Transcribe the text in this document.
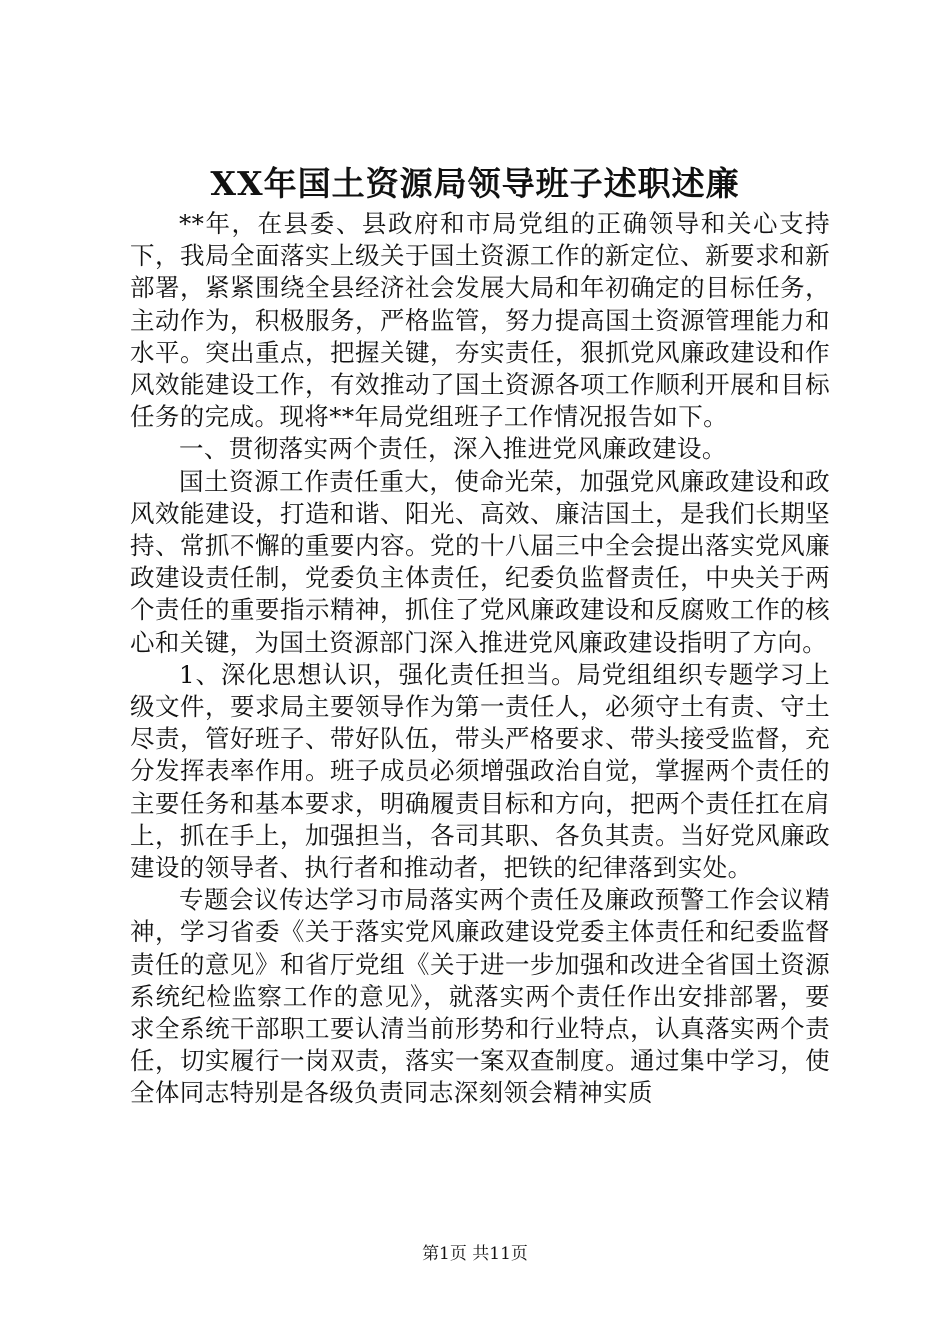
XX年国土资源局领导班子述职述廉

**年，在县委、县政府和市局党组的正确领导和关心支持下，我局全面落实上级关于国土资源工作的新定位、新要求和新部署，紧紧围绕全县经济社会发展大局和年初确定的目标任务，主动作为，积极服务，严格监管，努力提高国土资源管理能力和水平。突出重点，把握关键，夯实责任，狠抓党风廉政建设和作风效能建设工作，有效推动了国土资源各项工作顺利开展和目标任务的完成。现将**年局党组班子工作情况报告如下。

一、贯彻落实两个责任，深入推进党风廉政建设。

国土资源工作责任重大，使命光荣，加强党风廉政建设和政风效能建设，打造和谐、阳光、高效、廉洁国土，是我们长期坚持、常抓不懈的重要内容。党的十八届三中全会提出落实党风廉政建设责任制，党委负主体责任，纪委负监督责任，中央关于两个责任的重要指示精神，抓住了党风廉政建设和反腐败工作的核心和关键，为国土资源部门深入推进党风廉政建设指明了方向。

1、深化思想认识，强化责任担当。局党组组织专题学习上级文件，要求局主要领导作为第一责任人，必须守土有责、守土尽责，管好班子、带好队伍，带头严格要求、带头接受监督，充分发挥表率作用。班子成员必须增强政治自觉，掌握两个责任的主要任务和基本要求，明确履责目标和方向，把两个责任扛在肩上，抓在手上，加强担当，各司其职、各负其责。当好党风廉政建设的领导者、执行者和推动者，把铁的纪律落到实处。

专题会议传达学习市局落实两个责任及廉政预警工作会议精神，学习省委《关于落实党风廉政建设党委主体责任和纪委监督责任的意见》和省厅党组《关于进一步加强和改进全省国土资源系统纪检监察工作的意见》，就落实两个责任作出安排部署，要求全系统干部职工要认清当前形势和行业特点，认真落实两个责任，切实履行一岗双责，落实一案双查制度。通过集中学习，使全体同志特别是各级负责同志深刻领会精神实质

第1页 共11页
